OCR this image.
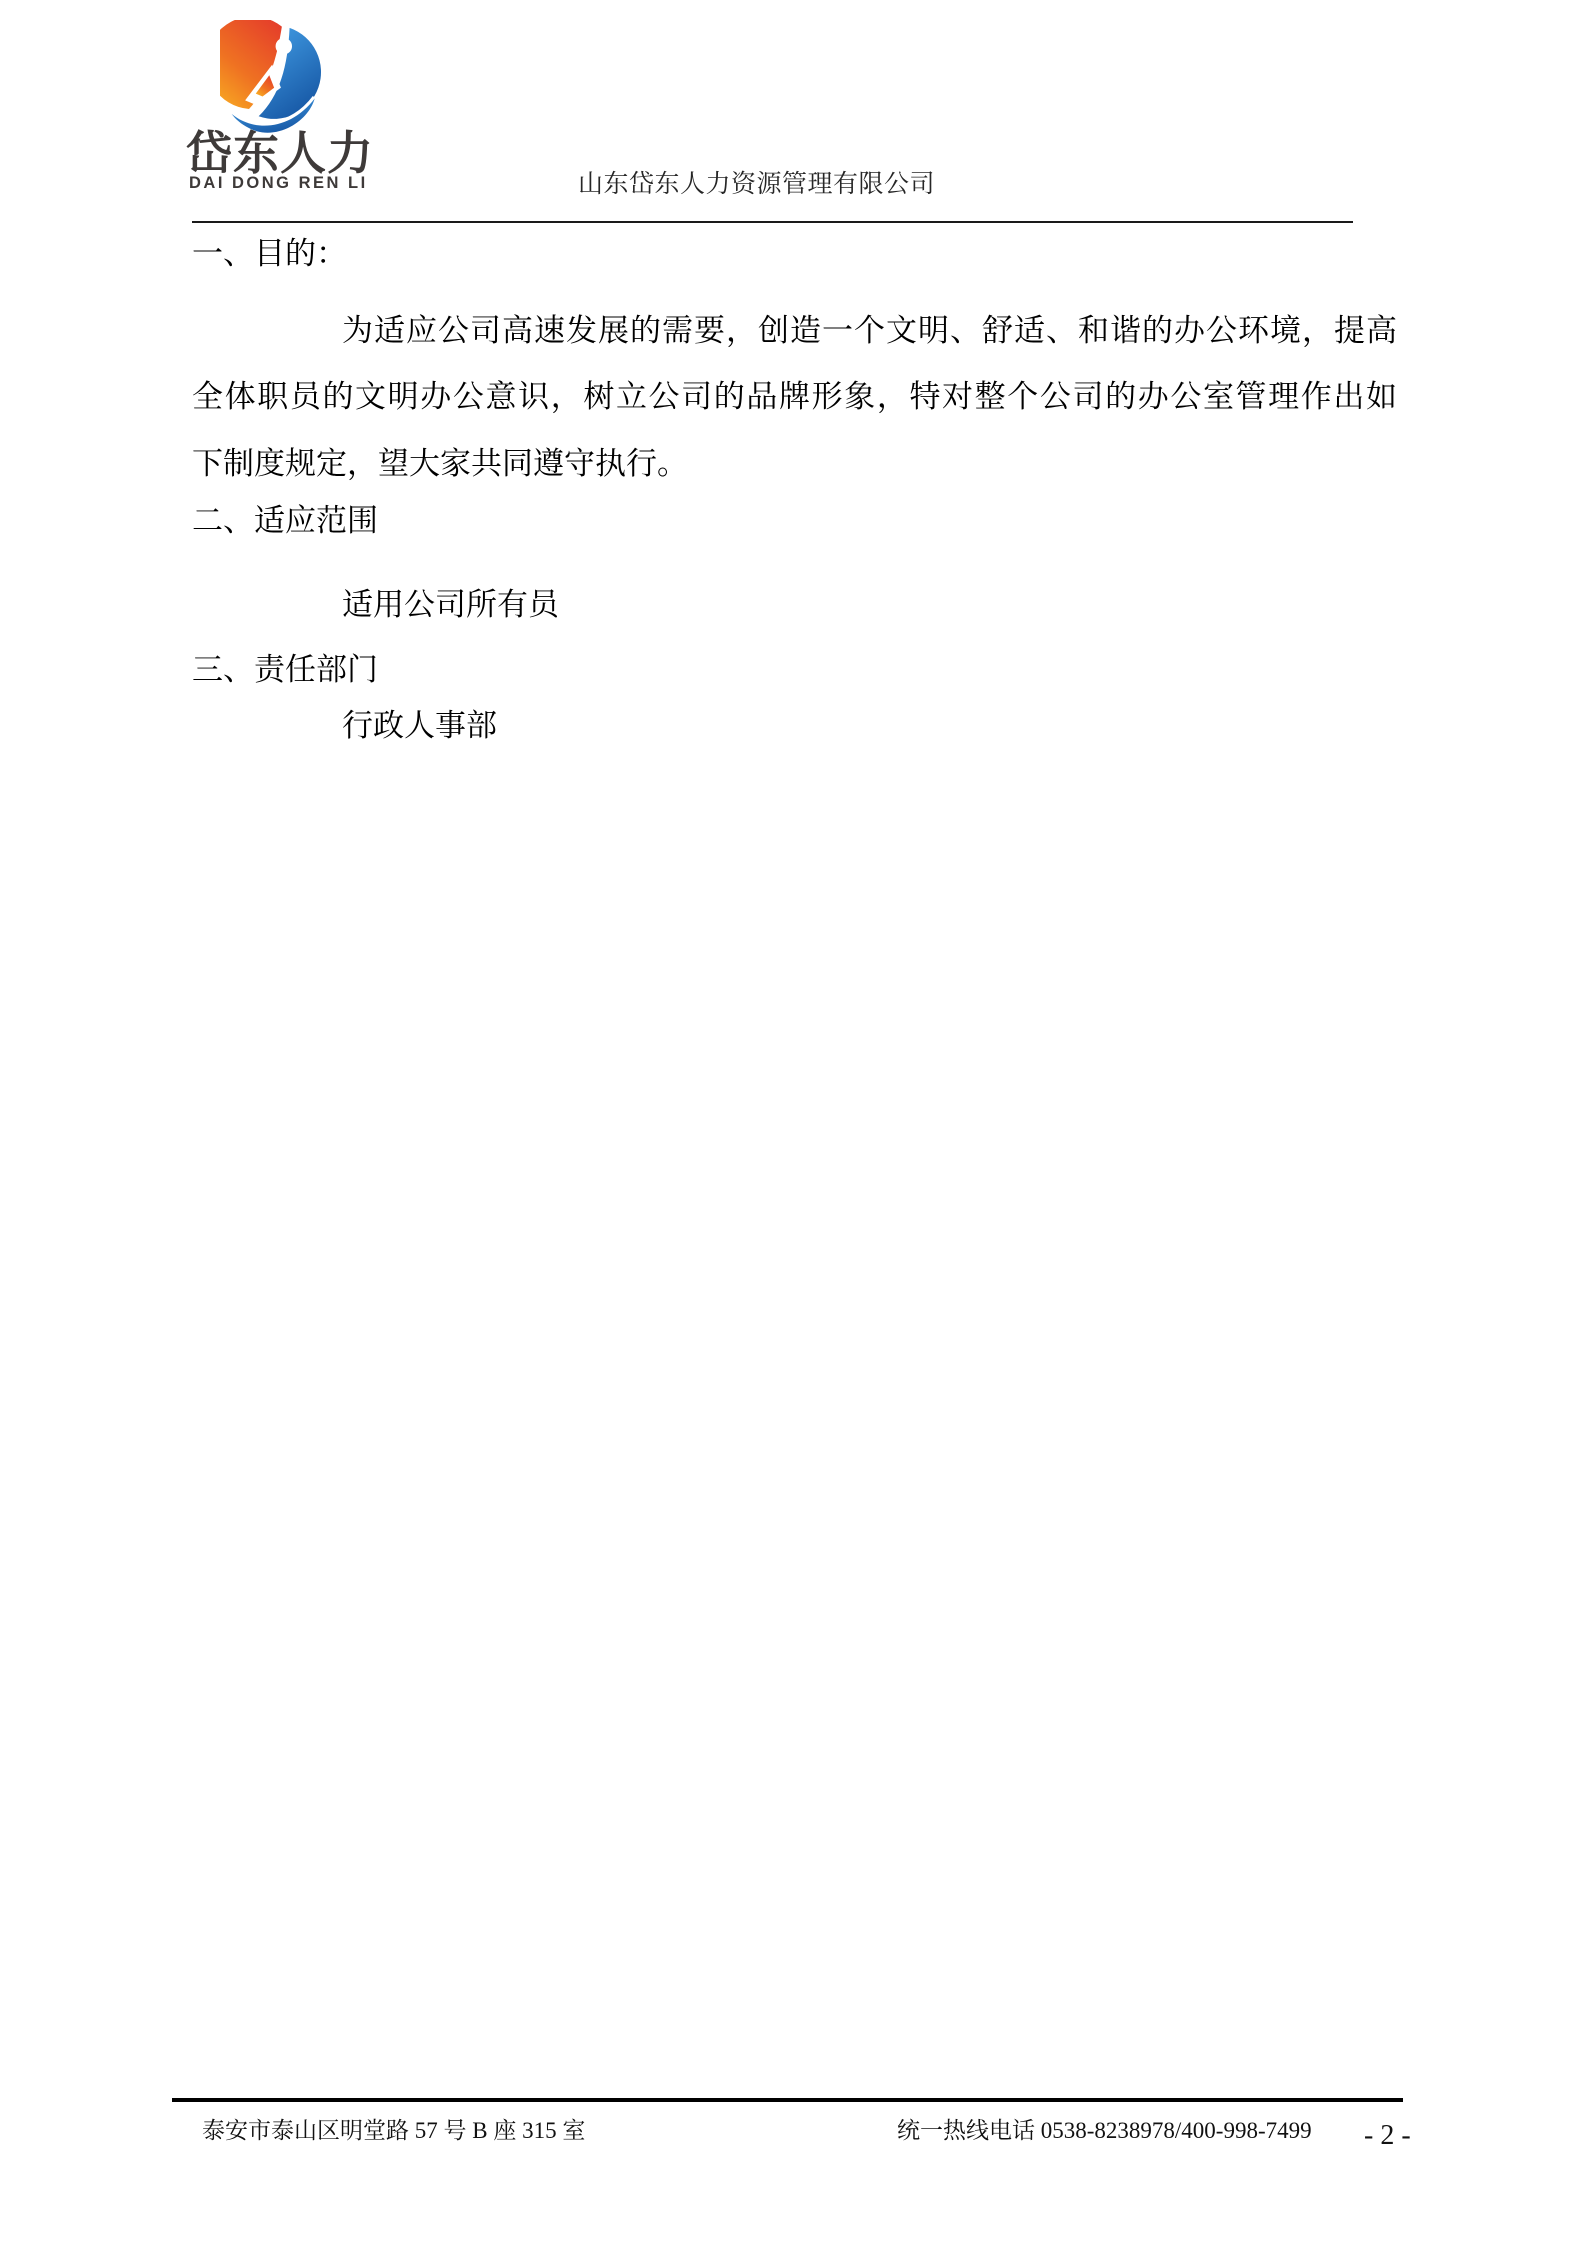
岱东人力
DAI DONG REN LI	山东岱东人力资源管理有限公司
一、目的：
为适应公司高速发展的需要，创造一个文明、舒适、和谐的办公环境，提高
全体职员的文明办公意识，树立公司的品牌形象，特对整个公司的办公室管理作出如
下制度规定，望大家共同遵守执行。
二、适应范围
适用公司所有员
三、责任部门
行政人事部
泰安市泰山区明堂路 57 号 B 座 315 室	统一热线电话 0538-8238978/400-998-7499 - 2 -
